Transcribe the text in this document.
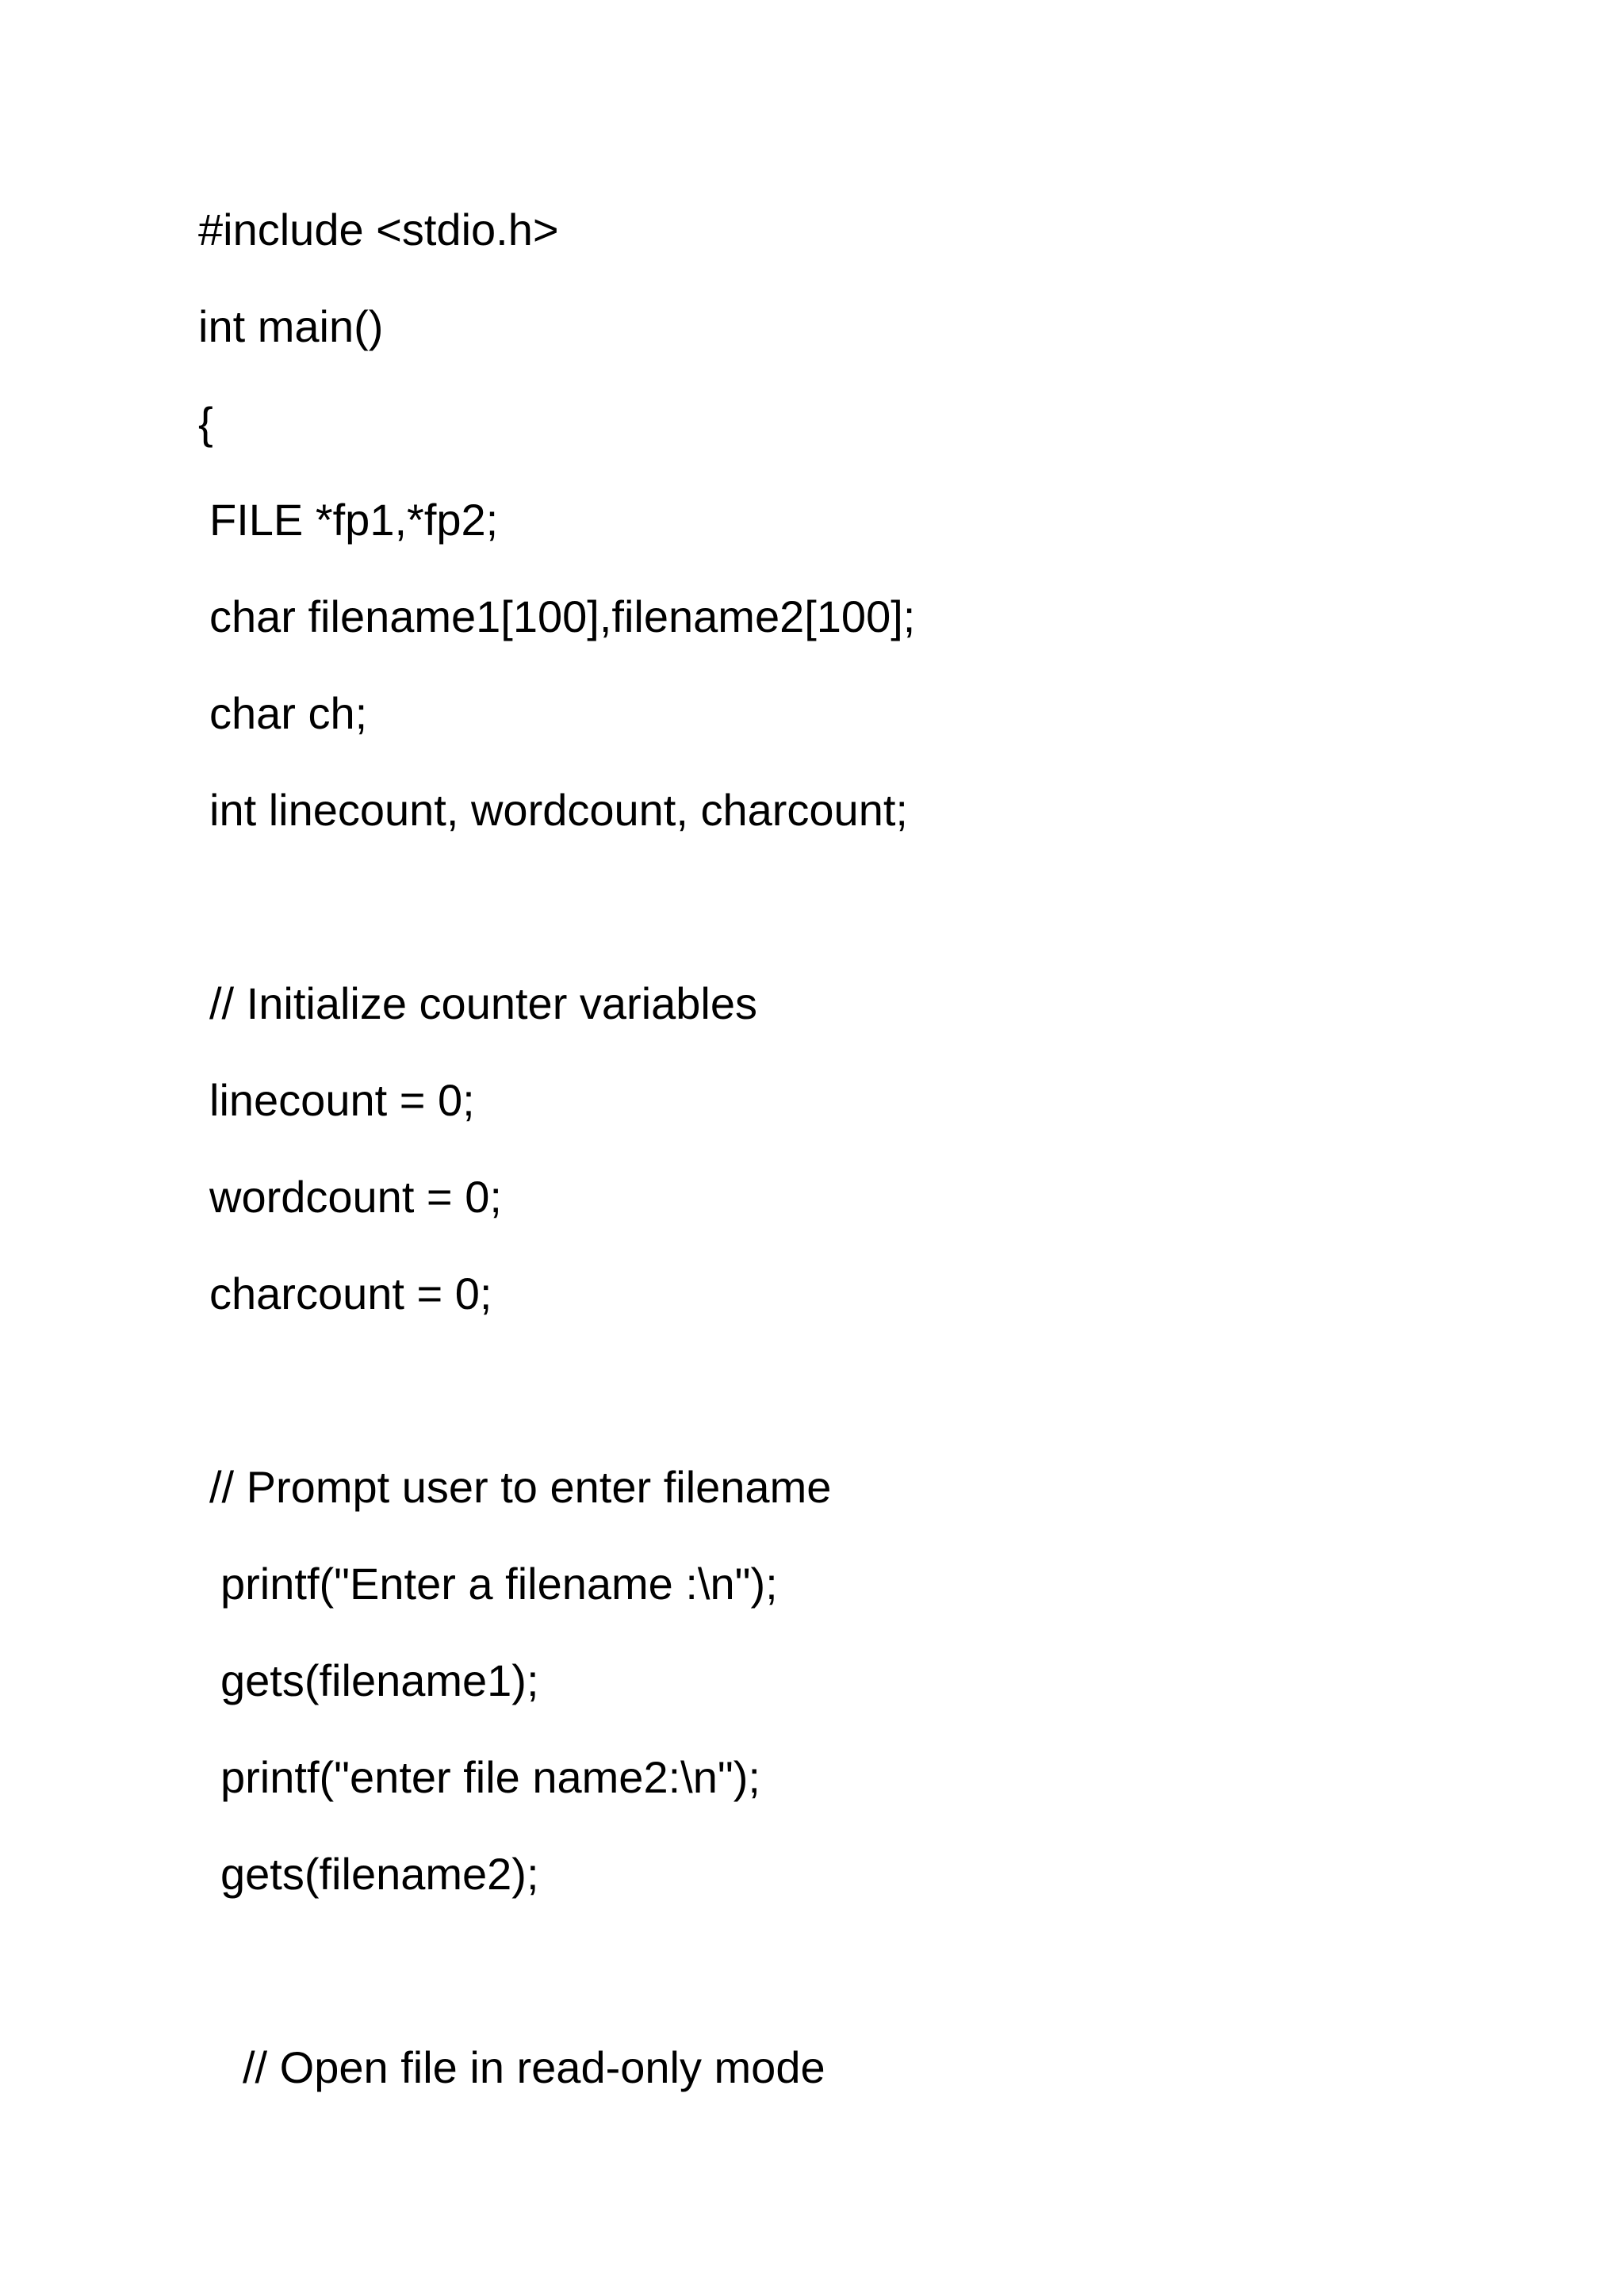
#include <stdio.h>

int main()

{

FILE *fp1,*fp2;

char filename1[100],filename2[100];

char ch;

int linecount, wordcount, charcount;

// Initialize counter variables

linecount = 0;

wordcount = 0;

charcount = 0;

// Prompt user to enter filename

printf("Enter a filename :\n");

gets(filename1);

printf("enter file name2:\n");

gets(filename2);

// Open file in read-only mode
